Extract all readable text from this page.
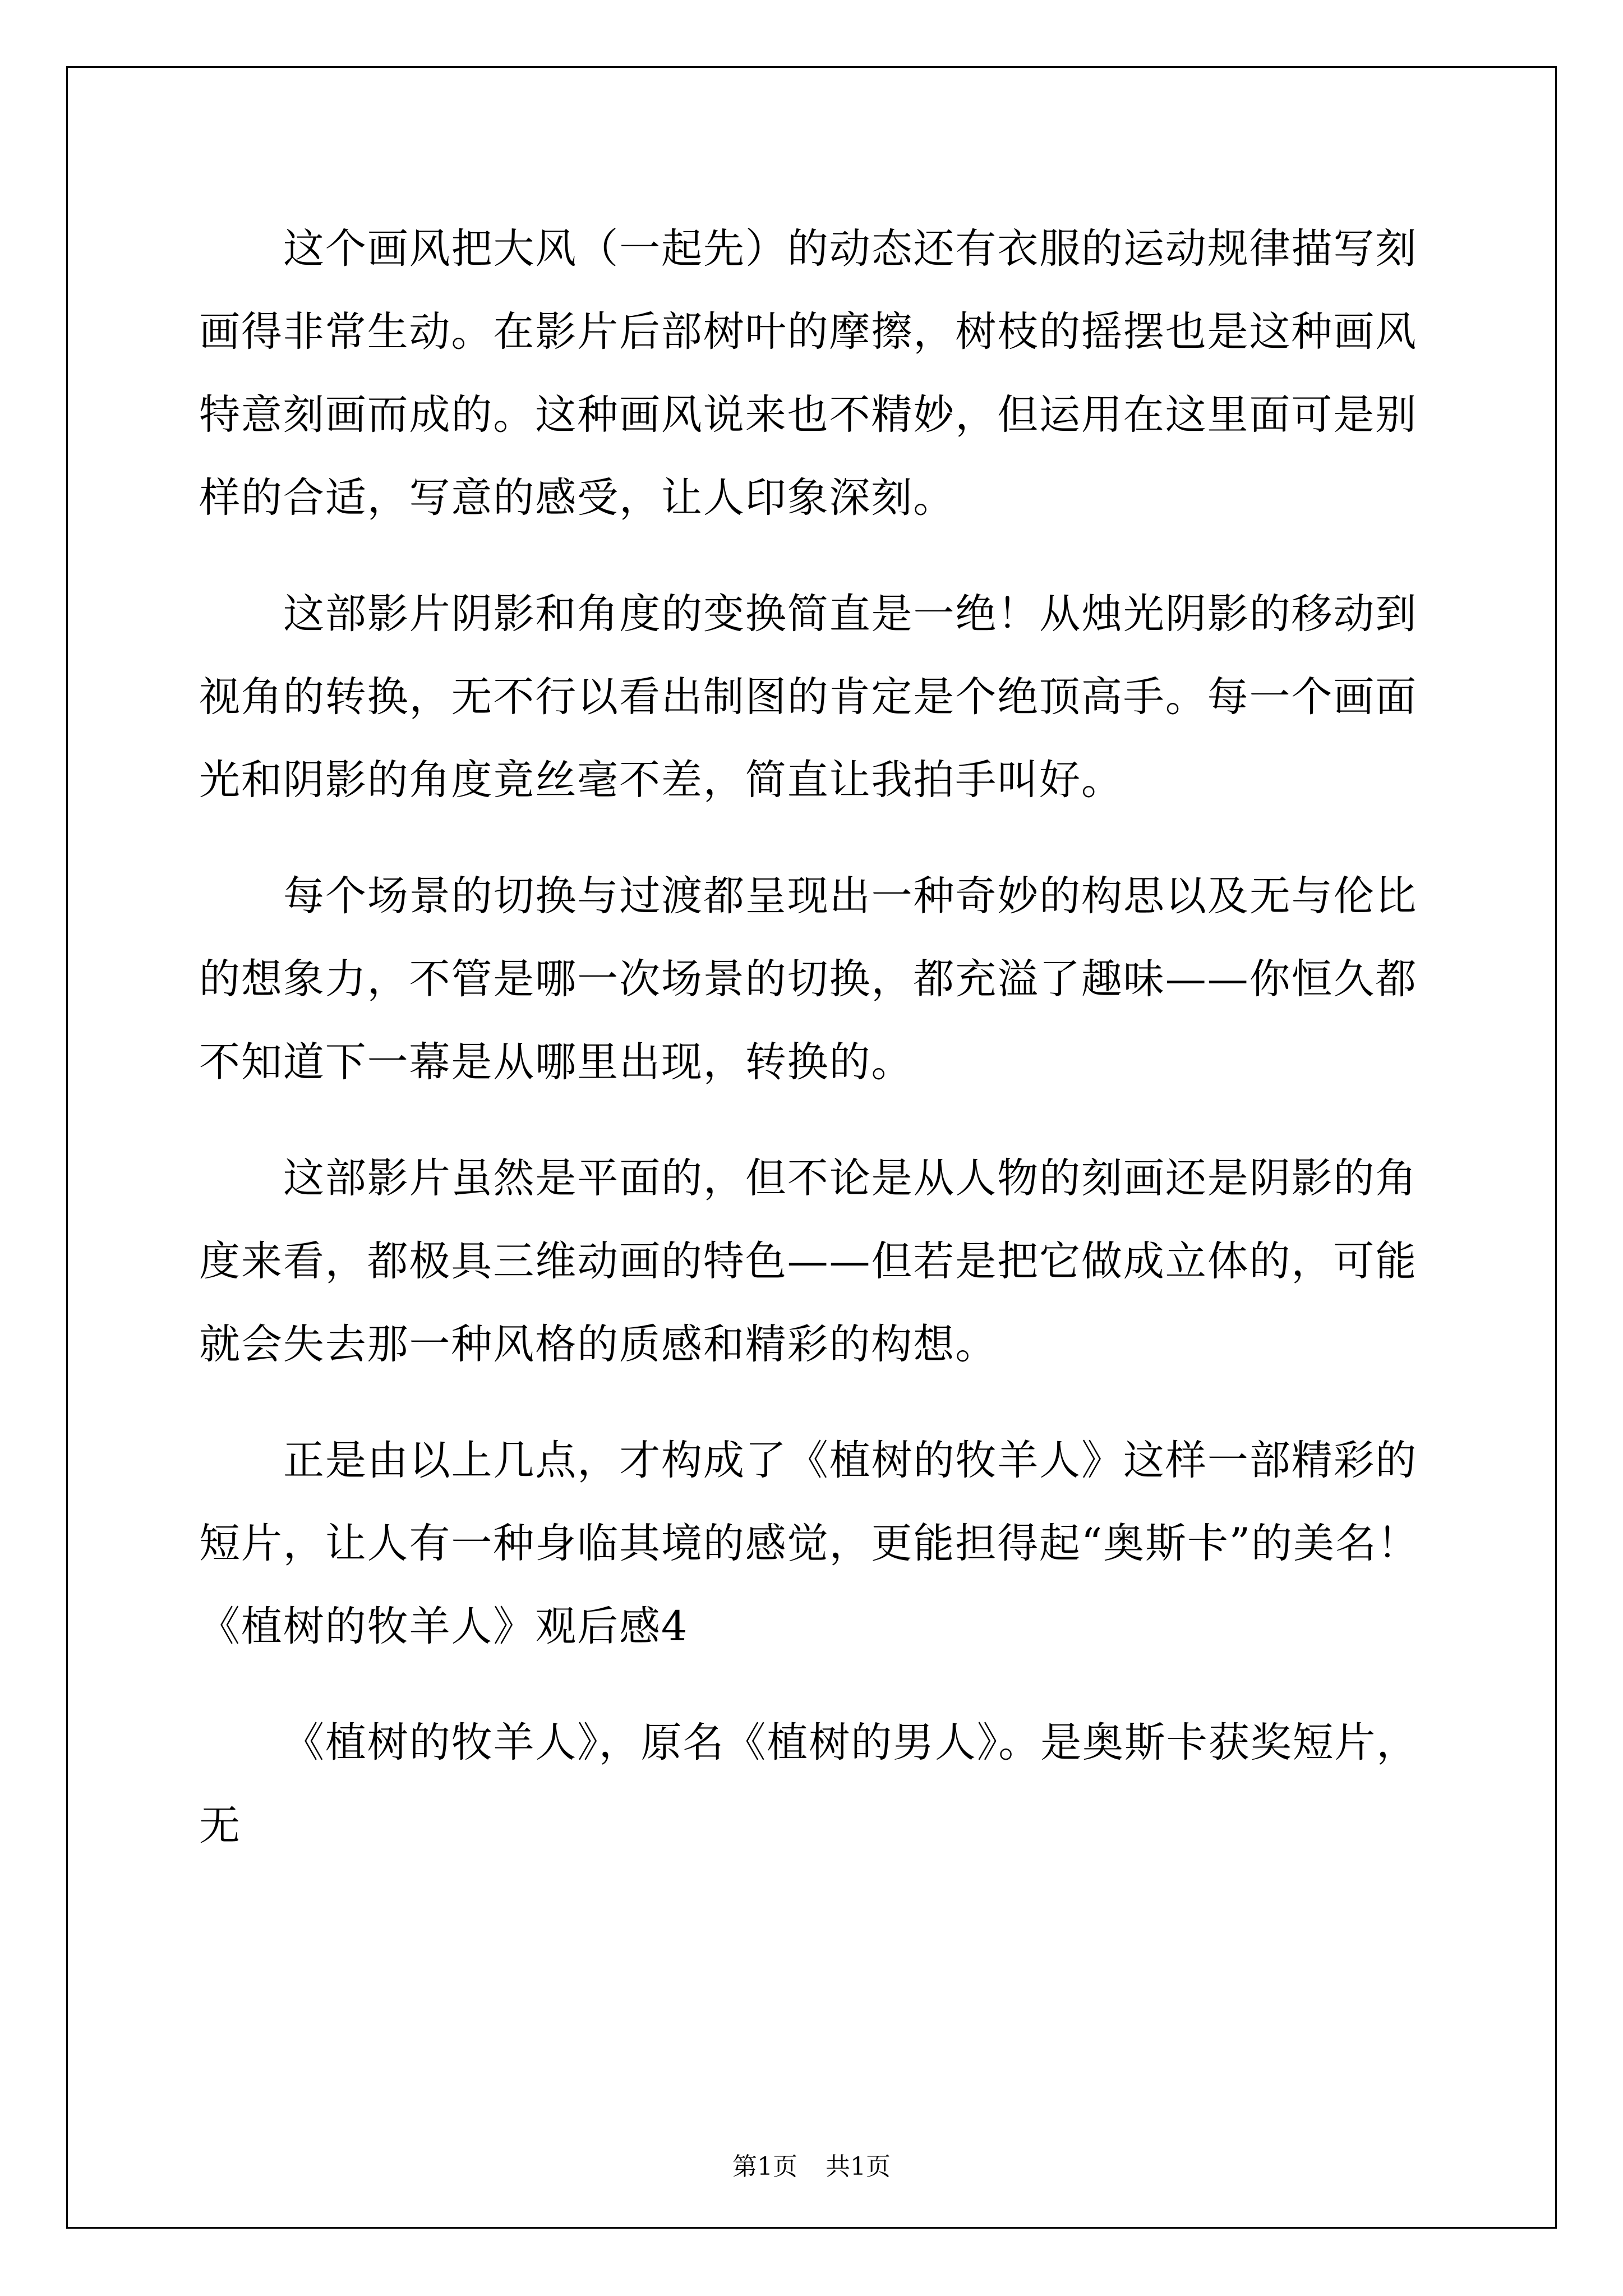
这个画风把大风（一起先）的动态还有衣服的运动规律描写刻画得非常生动。在影片后部树叶的摩擦，树枝的摇摆也是这种画风特意刻画而成的。这种画风说来也不精妙，但运用在这里面可是别样的合适，写意的感受，让人印象深刻。

这部影片阴影和角度的变换简直是一绝！从烛光阴影的移动到视角的转换，无不行以看出制图的肯定是个绝顶高手。每一个画面光和阴影的角度竟丝毫不差，简直让我拍手叫好。

每个场景的切换与过渡都呈现出一种奇妙的构思以及无与伦比的想象力，不管是哪一次场景的切换，都充溢了趣味——你恒久都不知道下一幕是从哪里出现，转换的。

这部影片虽然是平面的，但不论是从人物的刻画还是阴影的角度来看，都极具三维动画的特色——但若是把它做成立体的，可能就会失去那一种风格的质感和精彩的构想。

正是由以上几点，才构成了《植树的牧羊人》这样一部精彩的短片，让人有一种身临其境的感觉，更能担得起“奥斯卡”的美名！

《植树的牧羊人》观后感4

《植树的牧羊人》，原名《植树的男人》。是奥斯卡获奖短片，无

第1页 共1页
